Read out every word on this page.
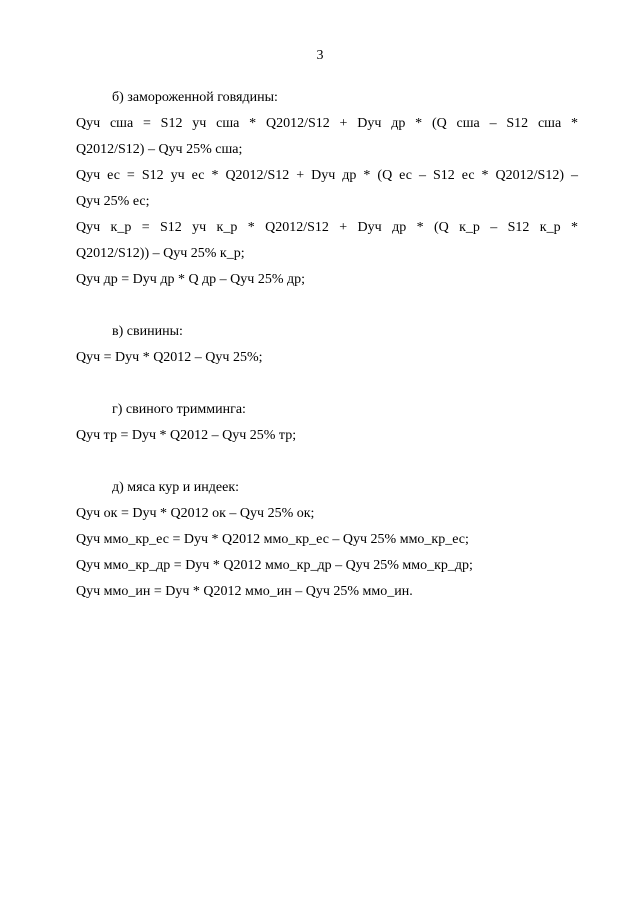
3

б) замороженной говядины:

Qуч сша = S12 уч сша * Q2012/S12 + Dуч др * (Q сша – S12 сша *

Q2012/S12) – Qуч 25% сша;

Qуч ес = S12 уч ес * Q2012/S12 + Dуч др * (Q ес – S12 ес * Q2012/S12) –

Qуч 25% ес;

Qуч к_р = S12 уч к_р * Q2012/S12 + Dуч др * (Q к_р – S12 к_р *

Q2012/S12)) – Qуч 25% к_р;

Qуч др = Dуч др * Q др – Qуч 25% др;

в) свинины:

Qуч = Dуч * Q2012 – Qуч 25%;

г) свиного тримминга:

Qуч тр = Dуч * Q2012 – Qуч 25% тр;

д) мяса кур и индеек:

Qуч ок = Dуч * Q2012 ок – Qуч 25% ок;

Qуч ммо_кр_ес = Dуч * Q2012 ммо_кр_ес – Qуч 25% ммо_кр_ес;

Qуч ммо_кр_др = Dуч * Q2012 ммо_кр_др – Qуч 25% ммо_кр_др;

Qуч ммо_ин = Dуч * Q2012 ммо_ин – Qуч 25% ммо_ин.
